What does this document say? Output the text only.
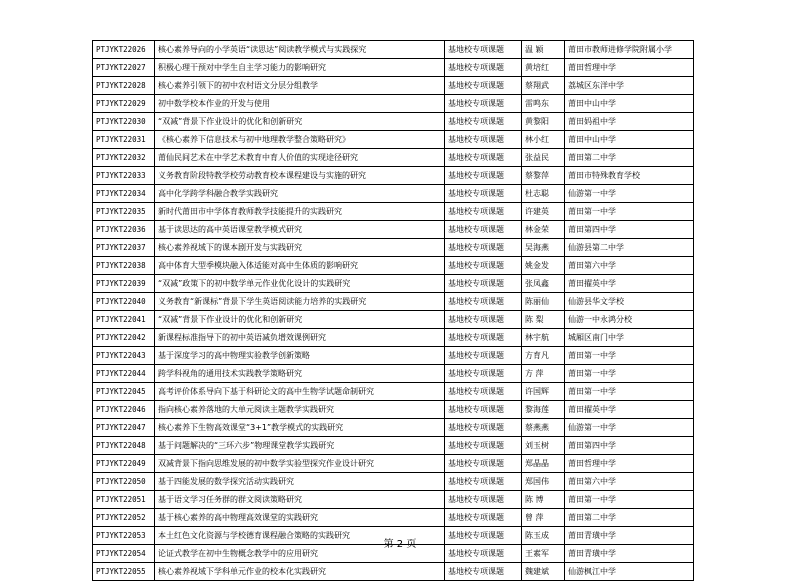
PTJYKT22026	核心素养导向的小学英语“读思达”阅读教学模式与实践探究	基地校专项课题	温 颖	莆田市教师进修学院附属小学
PTJYKT22027	积极心理干预对中学生自主学习能力的影响研究	基地校专项课题	黄培红	莆田哲理中学
PTJYKT22028	核心素养引领下的初中农村语文分层分组教学	基地校专项课题	蔡翔武	荔城区东洋中学
PTJYKT22029	初中数学校本作业的开发与使用	基地校专项课题	雷鸣东	莆田中山中学
PTJYKT22030	“双减”背景下作业设计的优化和创新研究	基地校专项课题	黄黎阳	莆田妈祖中学
PTJYKT22031	《核心素养下信息技术与初中地理教学整合策略研究》	基地校专项课题	林小红	莆田中山中学
PTJYKT22032	莆仙民间艺术在中学艺术教育中育人价值的实现途径研究	基地校专项课题	张益民	莆田第二中学
PTJYKT22033	义务教育阶段特教学校劳动教育校本课程建设与实施的研究	基地校专项课题	蔡黎萍	莆田市特殊教育学校
PTJYKT22034	高中化学跨学科融合教学实践研究	基地校专项课题	杜志聪	仙游第一中学
PTJYKT22035	新时代莆田市中学体育教师教学技能提升的实践研究	基地校专项课题	许建英	莆田第一中学
PTJYKT22036	基于读思达的高中英语课堂教学模式研究	基地校专项课题	林金荣	莆田第四中学
PTJYKT22037	核心素养视域下的课本剧开发与实践研究	基地校专项课题	吴海燕	仙游县第二中学
PTJYKT22038	高中体育大型季模块融入体适能对高中生体质的影响研究	基地校专项课题	姚金发	莆田第六中学
PTJYKT22039	“双减”政策下的初中数学单元作业优化设计的实践研究	基地校专项课题	张凤鑫	莆田擢英中学
PTJYKT22040	义务教育“新课标”背景下学生英语阅读能力培养的实践研究	基地校专项课题	陈丽仙	仙游县华文学校
PTJYKT22041	“双减”背景下作业设计的优化和创新研究	基地校专项课题	陈 梨	仙游一中永鸿分校
PTJYKT22042	新课程标准指导下的初中英语减负增效课例研究	基地校专项课题	林宇航	城厢区南门中学
PTJYKT22043	基于深度学习的高中物理实验教学创新策略	基地校专项课题	方育凡	莆田第一中学
PTJYKT22044	跨学科视角的通用技术实践教学策略研究	基地校专项课题	方 萍	莆田第一中学
PTJYKT22045	高考评价体系导向下基于科研论文的高中生物学试题命制研究	基地校专项课题	许国辉	莆田第一中学
PTJYKT22046	指向核心素养落地的大单元阅读主题教学实践研究	基地校专项课题	黎海莲	莆田擢英中学
PTJYKT22047	核心素养下生物高效课堂“3+1”教学模式的实践研究	基地校专项课题	蔡燕燕	仙游第一中学
PTJYKT22048	基于问题解决的“三环六步”物理课堂教学实践研究	基地校专项课题	刘玉树	莆田第四中学
PTJYKT22049	双减背景下指向思维发展的初中数学实验型探究作业设计研究	基地校专项课题	郑晶晶	莆田哲理中学
PTJYKT22050	基于四能发展的数学探究活动实践研究	基地校专项课题	郑国伟	莆田第六中学
PTJYKT22051	基于语文学习任务群的群文阅读策略研究	基地校专项课题	陈 博	莆田第一中学
PTJYKT22052	基于核心素养的高中物理高效课堂的实践研究	基地校专项课题	曾 萍	莆田第二中学
PTJYKT22053	本土红色文化资源与学校德育课程融合策略的实践研究	基地校专项课题	陈玉成	莆田青璜中学
PTJYKT22054	论证式教学在初中生物概念教学中的应用研究	基地校专项课题	王素军	莆田青璜中学
PTJYKT22055	核心素养视域下学科单元作业的校本化实践研究	基地校专项课题	魏建斌	仙游枫江中学
第 2 页
